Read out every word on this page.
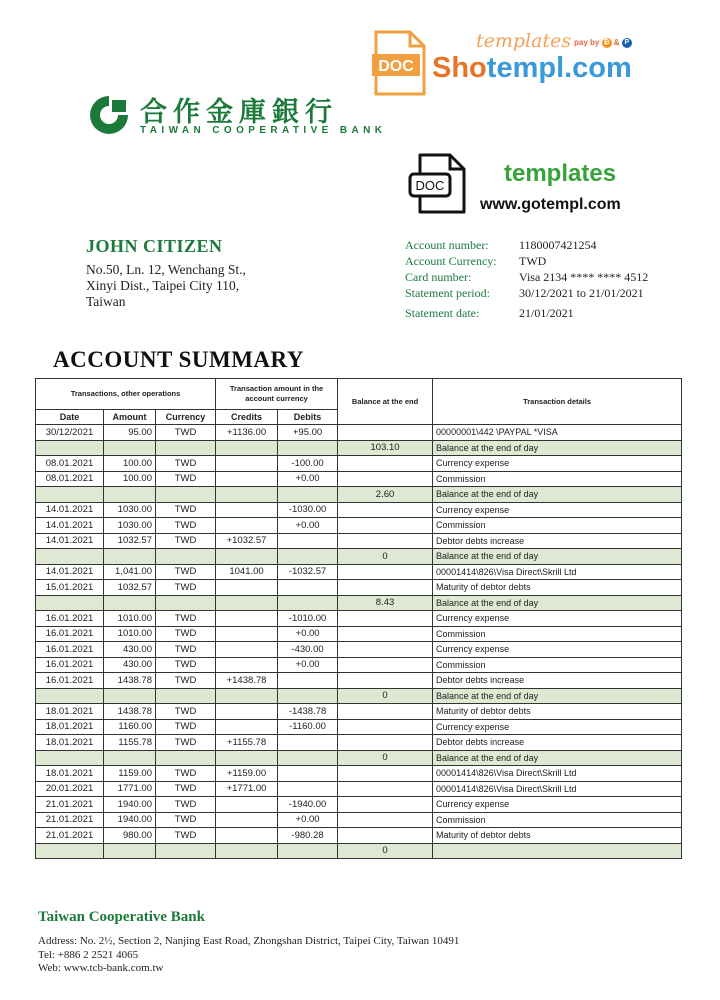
DOC
templates pay by ₿ & P
Shotempl.com
合作金庫銀行
TAIWAN COOPERATIVE BANK
DOC templates
www.gotempl.com
JOHN CITIZEN
No.50, Ln. 12, Wenchang St.,
Xinyi Dist., Taipei City 110,
Taiwan
Account number:	1180007421254
Account Currency: TWD
Card number:	Visa 2134 **** **** 4512
Statement period: 30/12/2021 to 21/01/2021
Statement date:	21/01/2021
ACCOUNT SUMMARY
Transactions, other operations			Transaction amount in the account currency		Balance at the end	Transaction details
Date	Amount	Currency	Credits	Debits		
30/12/2021	95.00	TWD	+1136.00	+95.00		00000001\442 \PAYPAL *VISA
					103.10	Balance at the end of day
08.01.2021	100.00	TWD		-100.00		Currency expense
08.01.2021	100.00	TWD		+0.00		Commission
					2.60	Balance at the end of day
14.01.2021	1030.00	TWD		-1030.00		Currency expense
14.01.2021	1030.00	TWD		+0.00		Commission
14.01.2021	1032.57	TWD	+1032.57			Debtor debts increase
					0	Balance at the end of day
14.01.2021	1,041.00	TWD	1041.00	-1032.57		00001414\826\Visa Direct\Skrill Ltd
15.01.2021	1032.57	TWD				Maturity of debtor debts
					8.43	Balance at the end of day
16.01.2021	1010.00	TWD		-1010.00		Currency expense
16.01.2021	1010.00	TWD		+0.00		Commission
16.01.2021	430.00	TWD		-430.00		Currency expense
16.01.2021	430.00	TWD		+0.00		Commission
16.01.2021	1438.78	TWD	+1438.78			Debtor debts increase
					0	Balance at the end of day
18.01.2021	1438.78	TWD		-1438.78		Maturity of debtor debts
18.01.2021	1160.00	TWD		-1160.00		Currency expense
18.01.2021	1155.78	TWD	+1155.78			Debtor debts increase
					0	Balance at the end of day
18.01.2021	1159.00	TWD	+1159.00			00001414\826\Visa Direct\Skrill Ltd
20.01.2021	1771.00	TWD	+1771.00			00001414\826\Visa Direct\Skrill Ltd
21.01.2021	1940.00	TWD		-1940.00		Currency expense
21.01.2021	1940.00	TWD		+0.00		Commission
21.01.2021	980.00	TWD		-980.28		Maturity of debtor debts
					0	
Taiwan Cooperative Bank
Address: No. 2½, Section 2, Nanjing East Road, Zhongshan District, Taipei City, Taiwan 10491
Tel: +886 2 2521 4065
Web: www.tcb-bank.com.tw
